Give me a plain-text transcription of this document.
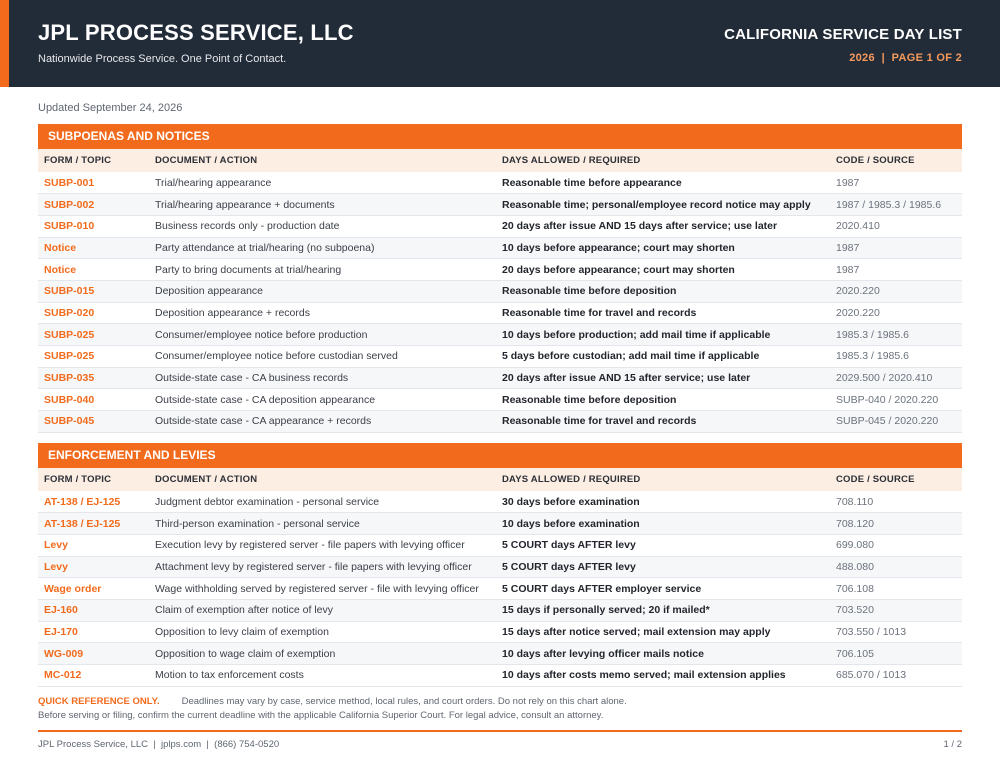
JPL PROCESS SERVICE, LLC
Nationwide Process Service. One Point of Contact.
CALIFORNIA SERVICE DAY LIST
2026  |  PAGE 1 OF 2
Updated September 24, 2026
SUBPOENAS AND NOTICES
FORM / TOPIC	DOCUMENT / ACTION	DAYS ALLOWED / REQUIRED	CODE / SOURCE
SUBP-001	Trial/hearing appearance	Reasonable time before appearance	1987
SUBP-002	Trial/hearing appearance + documents	Reasonable time; personal/employee record notice may apply	1987 / 1985.3 / 1985.6
SUBP-010	Business records only - production date	20 days after issue AND 15 days after service; use later	2020.410
Notice	Party attendance at trial/hearing (no subpoena)	10 days before appearance; court may shorten	1987
Notice	Party to bring documents at trial/hearing	20 days before appearance; court may shorten	1987
SUBP-015	Deposition appearance	Reasonable time before deposition	2020.220
SUBP-020	Deposition appearance + records	Reasonable time for travel and records	2020.220
SUBP-025	Consumer/employee notice before production	10 days before production; add mail time if applicable	1985.3 / 1985.6
SUBP-025	Consumer/employee notice before custodian served	5 days before custodian; add mail time if applicable	1985.3 / 1985.6
SUBP-035	Outside-state case - CA business records	20 days after issue AND 15 after service; use later	2029.500 / 2020.410
SUBP-040	Outside-state case - CA deposition appearance	Reasonable time before deposition	SUBP-040 / 2020.220
SUBP-045	Outside-state case - CA appearance + records	Reasonable time for travel and records	SUBP-045 / 2020.220
ENFORCEMENT AND LEVIES
FORM / TOPIC	DOCUMENT / ACTION	DAYS ALLOWED / REQUIRED	CODE / SOURCE
AT-138 / EJ-125	Judgment debtor examination - personal service	30 days before examination	708.110
AT-138 / EJ-125	Third-person examination - personal service	10 days before examination	708.120
Levy	Execution levy by registered server - file papers with levying officer	5 COURT days AFTER levy	699.080
Levy	Attachment levy by registered server - file papers with levying officer	5 COURT days AFTER levy	488.080
Wage order	Wage withholding served by registered server - file with levying officer	5 COURT days AFTER employer service	706.108
EJ-160	Claim of exemption after notice of levy	15 days if personally served; 20 if mailed*	703.520
EJ-170	Opposition to levy claim of exemption	15 days after notice served; mail extension may apply	703.550 / 1013
WG-009	Opposition to wage claim of exemption	10 days after levying officer mails notice	706.105
MC-012	Motion to tax enforcement costs	10 days after costs memo served; mail extension applies	685.070 / 1013
QUICK REFERENCE ONLY. Deadlines may vary by case, service method, local rules, and court orders. Do not rely on this chart alone.
Before serving or filing, confirm the current deadline with the applicable California Superior Court. For legal advice, consult an attorney.
JPL Process Service, LLC  |  jplps.com  |  (866) 754-0520	1 / 2
